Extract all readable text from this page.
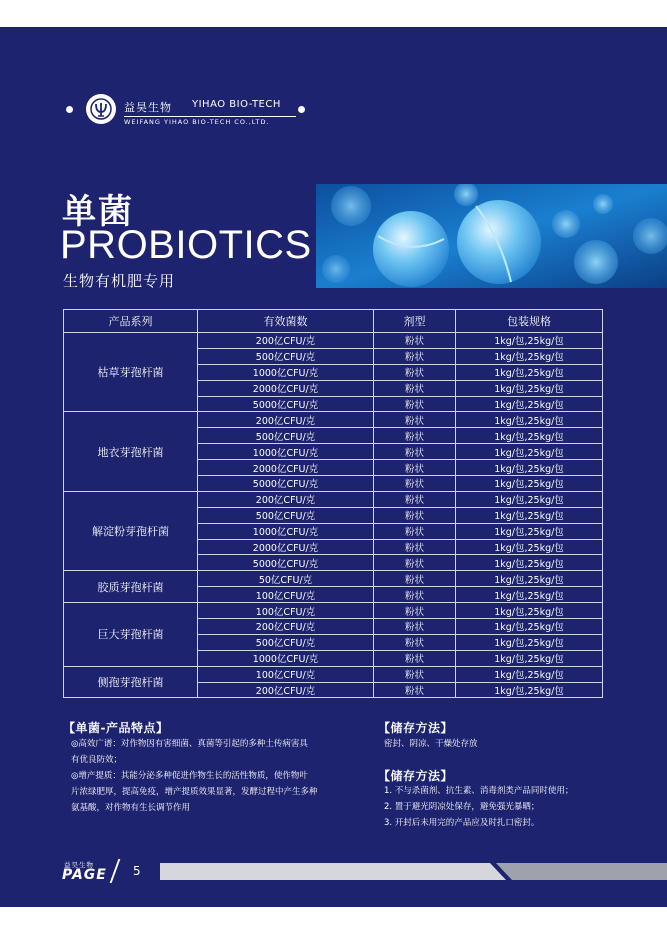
益昊生物 YIHAO BIO-TECH
WEIFANG YIHAO BIO-TECH CO.,LTD.
单菌
PROBIOTICS
生物有机肥专用
产品系列	有效菌数	剂型	包装规格
枯草芽孢杆菌	200亿CFU/克	粉状	1kg/包,25kg/包
	500亿CFU/克	粉状	1kg/包,25kg/包
	1000亿CFU/克	粉状	1kg/包,25kg/包
	2000亿CFU/克	粉状	1kg/包,25kg/包
	5000亿CFU/克	粉状	1kg/包,25kg/包
地衣芽孢杆菌	200亿CFU/克	粉状	1kg/包,25kg/包
	500亿CFU/克	粉状	1kg/包,25kg/包
	1000亿CFU/克	粉状	1kg/包,25kg/包
	2000亿CFU/克	粉状	1kg/包,25kg/包
	5000亿CFU/克	粉状	1kg/包,25kg/包
解淀粉芽孢杆菌	200亿CFU/克	粉状	1kg/包,25kg/包
	500亿CFU/克	粉状	1kg/包,25kg/包
	1000亿CFU/克	粉状	1kg/包,25kg/包
	2000亿CFU/克	粉状	1kg/包,25kg/包
	5000亿CFU/克	粉状	1kg/包,25kg/包
胶质芽孢杆菌	50亿CFU/克	粉状	1kg/包,25kg/包
	100亿CFU/克	粉状	1kg/包,25kg/包
巨大芽孢杆菌	100亿CFU/克	粉状	1kg/包,25kg/包
	200亿CFU/克	粉状	1kg/包,25kg/包
	500亿CFU/克	粉状	1kg/包,25kg/包
	1000亿CFU/克	粉状	1kg/包,25kg/包
侧孢芽孢杆菌	100亿CFU/克	粉状	1kg/包,25kg/包
	200亿CFU/克	粉状	1kg/包,25kg/包
【单菌-产品特点】
◎高效广谱：对作物因有害细菌、真菌等引起的多种土传病害具
有优良防效；
◎增产提质：其能分泌多种促进作物生长的活性物质，使作物叶
片浓绿肥厚，提高免疫，增产提质效果显著，发酵过程中产生多种
氨基酸，对作物有生长调节作用
【储存方法】
密封、阴凉、干燥处存放
【储存方法】
1. 不与杀菌剂、抗生素、消毒剂类产品同时使用；
2. 置于避光阴凉处保存，避免强光暴晒；
3. 开封后未用完的产品应及时扎口密封。
益昊生物
PAGE 5
